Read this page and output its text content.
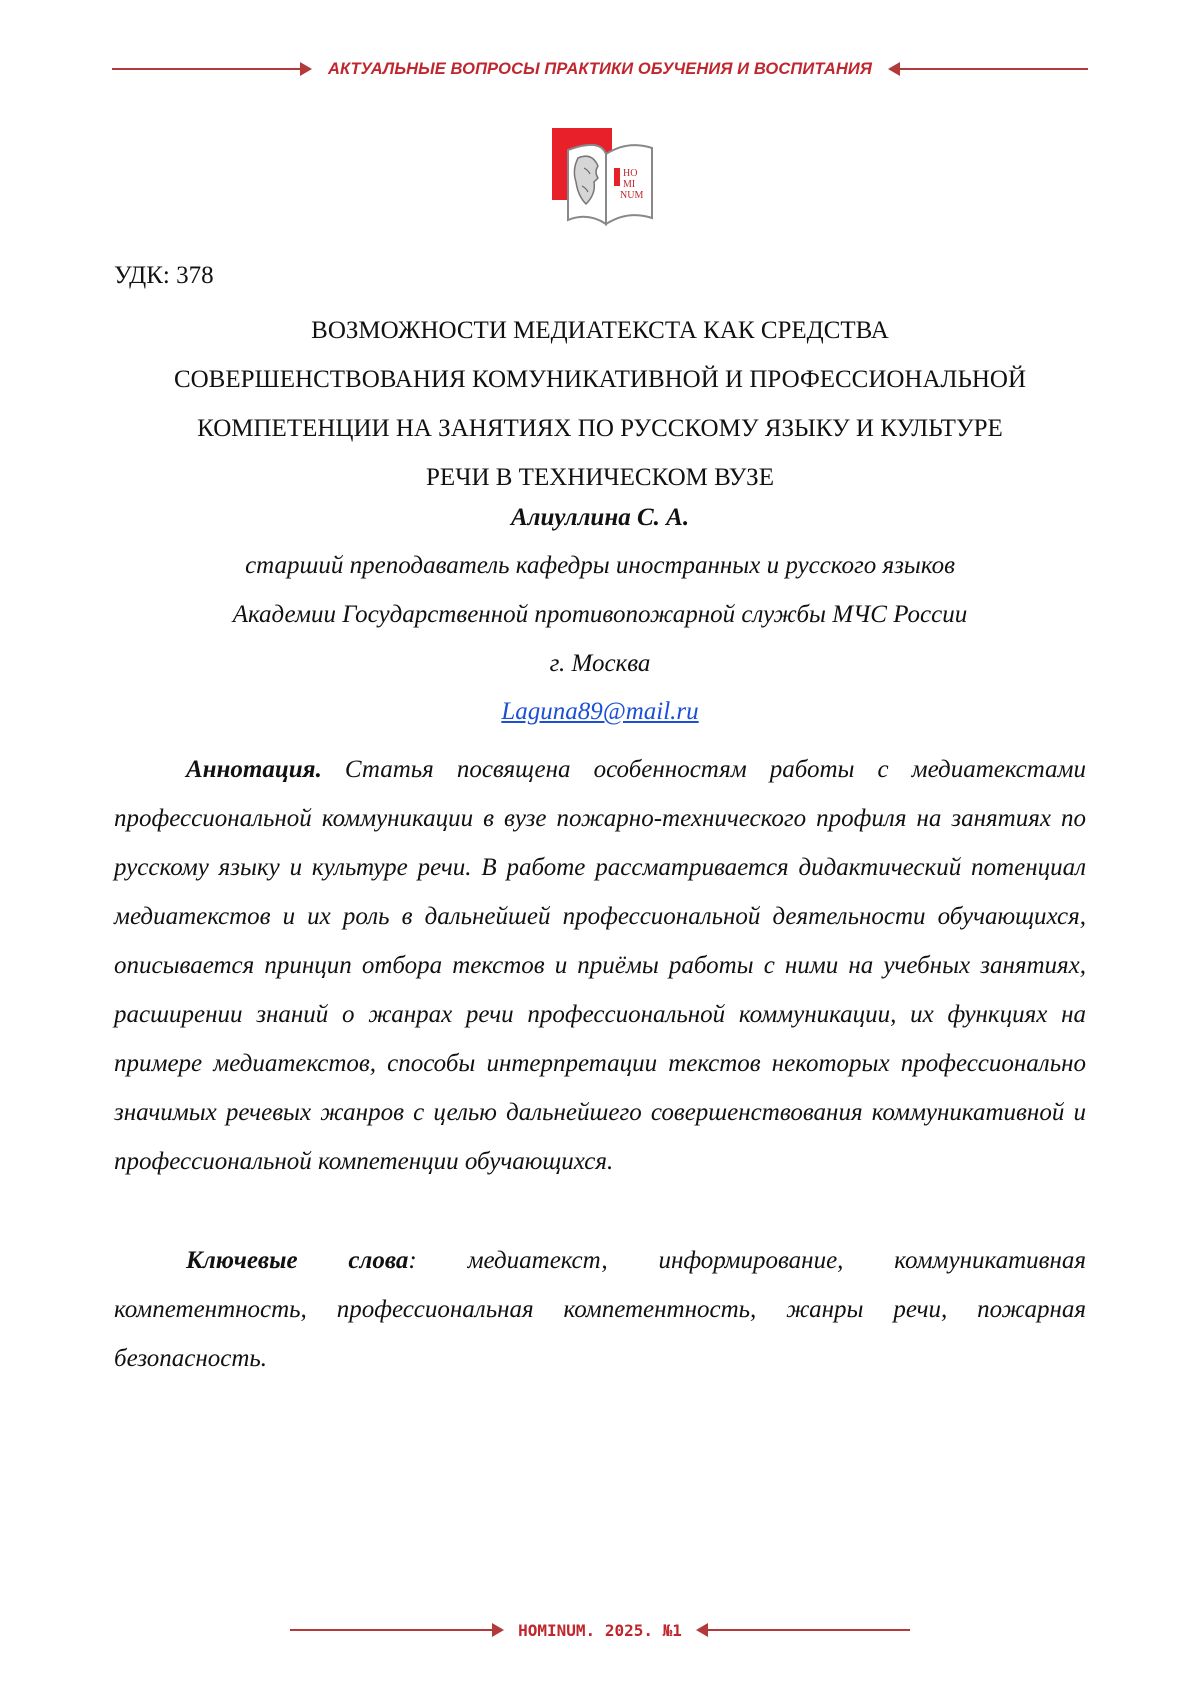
АКТУАЛЬНЫЕ ВОПРОСЫ ПРАКТИКИ ОБУЧЕНИЯ И ВОСПИТАНИЯ
HO
MI
NUM
УДК: 378
ВОЗМОЖНОСТИ МЕДИАТЕКСТА КАК СРЕДСТВА
СОВЕРШЕНСТВОВАНИЯ КОМУНИКАТИВНОЙ И ПРОФЕССИОНАЛЬНОЙ
КОМПЕТЕНЦИИ НА ЗАНЯТИЯХ ПО РУССКОМУ ЯЗЫКУ И КУЛЬТУРЕ
РЕЧИ В ТЕХНИЧЕСКОМ ВУЗЕ
Алиуллина С. А.
старший преподаватель кафедры иностранных и русского языков
Академии Государственной противопожарной службы МЧС России
г. Москва
Laguna89@mail.ru

Аннотация. Статья посвящена особенностям работы с медиатекстами профессиональной коммуникации в вузе пожарно-технического профиля на занятиях по русскому языку и культуре речи. В работе рассматривается дидактический потенциал медиатекстов и их роль в дальнейшей профессиональной деятельности обучающихся, описывается принцип отбора текстов и приёмы работы с ними на учебных занятиях, расширении знаний о жанрах речи профессиональной коммуникации, их функциях на примере медиатекстов, способы интерпретации текстов некоторых профессионально значимых речевых жанров с целью дальнейшего совершенствования коммуникативной и профессиональной компетенции обучающихся.

Ключевые слова: медиатекст, информирование, коммуникативная компетентность, профессиональная компетентность, жанры речи, пожарная безопасность.

HOMINUM. 2025. №1
